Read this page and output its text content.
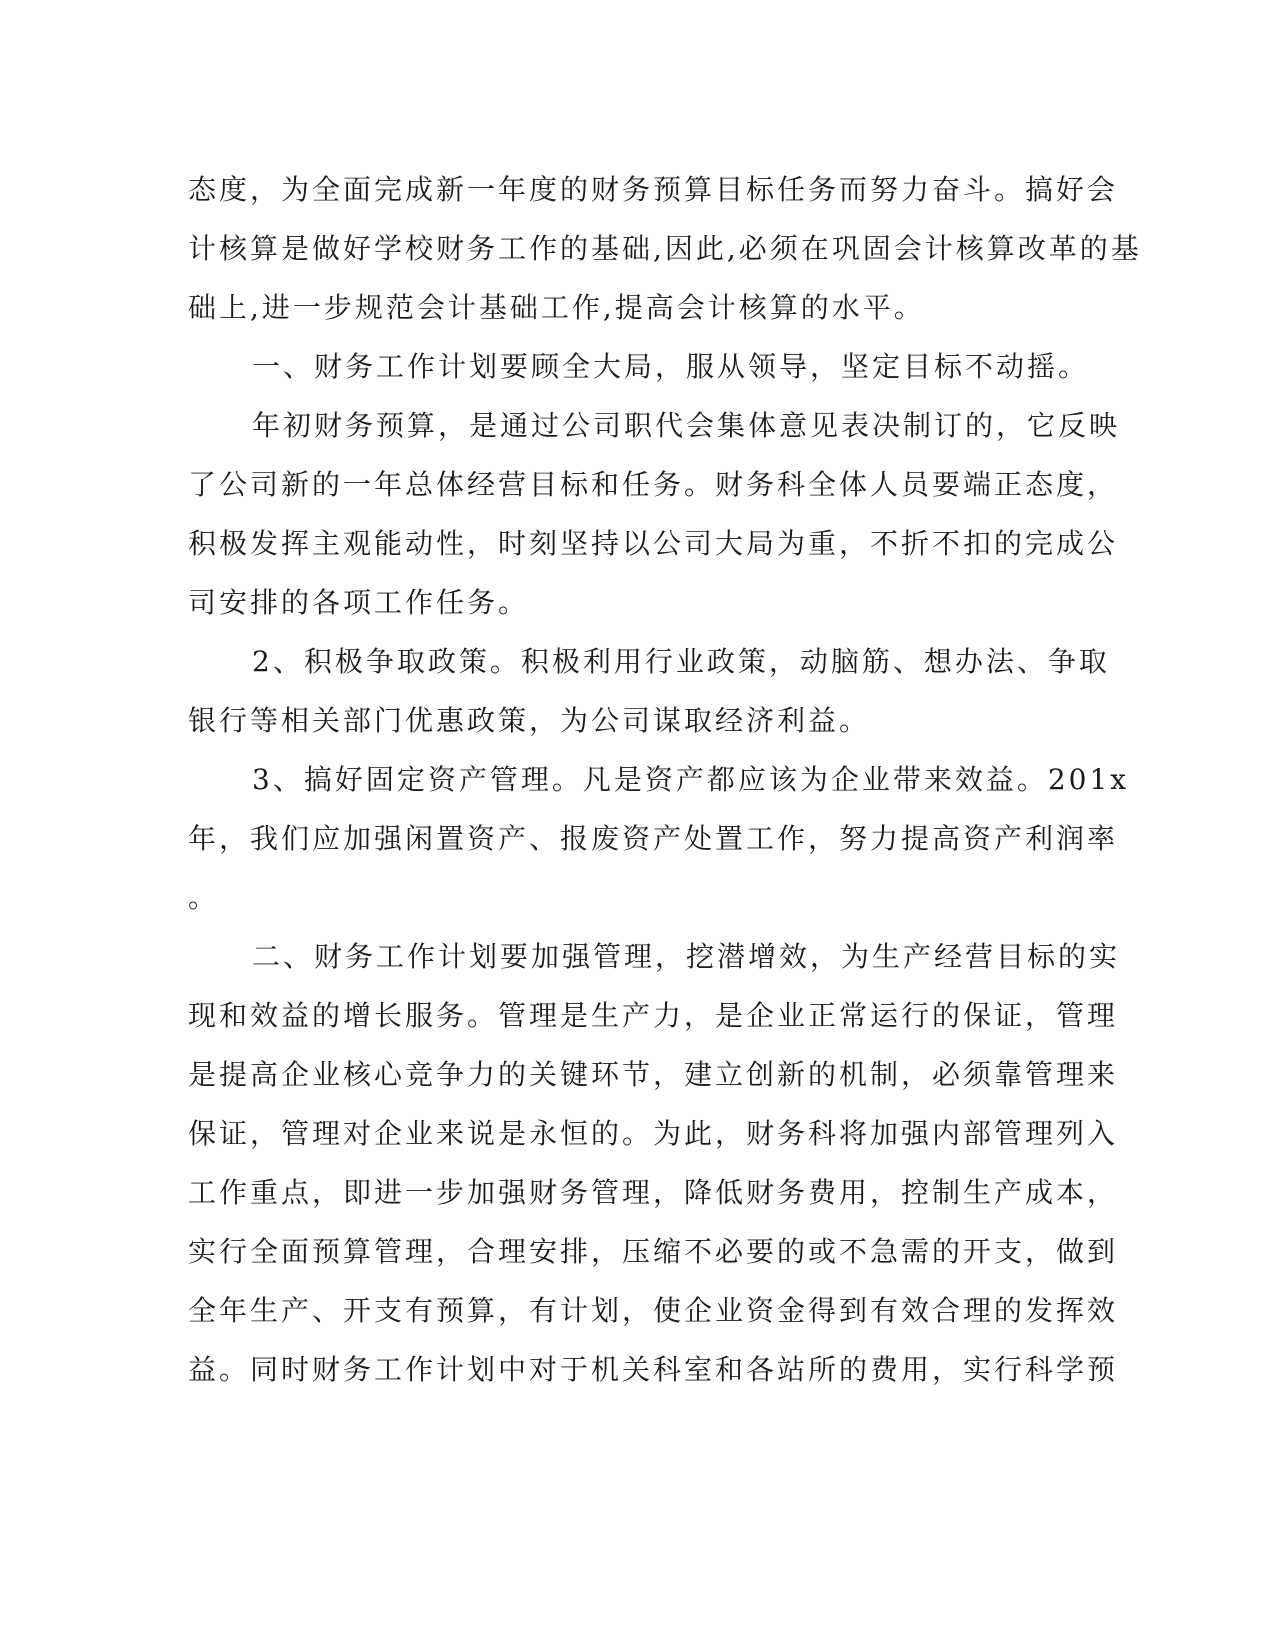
态度，为全面完成新一年度的财务预算目标任务而努力奋斗。搞好会
计核算是做好学校财务工作的基础,因此,必须在巩固会计核算改革的基
础上,进一步规范会计基础工作,提高会计核算的水平。
一、财务工作计划要顾全大局，服从领导，坚定目标不动摇。
年初财务预算，是通过公司职代会集体意见表决制订的，它反映
了公司新的一年总体经营目标和任务。财务科全体人员要端正态度，
积极发挥主观能动性，时刻坚持以公司大局为重，不折不扣的完成公
司安排的各项工作任务。
2、积极争取政策。积极利用行业政策，动脑筋、想办法、争取
银行等相关部门优惠政策，为公司谋取经济利益。
3、搞好固定资产管理。凡是资产都应该为企业带来效益。201x
年，我们应加强闲置资产、报废资产处置工作，努力提高资产利润率
。
二、财务工作计划要加强管理，挖潜增效，为生产经营目标的实
现和效益的增长服务。管理是生产力，是企业正常运行的保证，管理
是提高企业核心竞争力的关键环节，建立创新的机制，必须靠管理来
保证，管理对企业来说是永恒的。为此，财务科将加强内部管理列入
工作重点，即进一步加强财务管理，降低财务费用，控制生产成本，
实行全面预算管理，合理安排，压缩不必要的或不急需的开支，做到
全年生产、开支有预算，有计划，使企业资金得到有效合理的发挥效
益。同时财务工作计划中对于机关科室和各站所的费用，实行科学预
